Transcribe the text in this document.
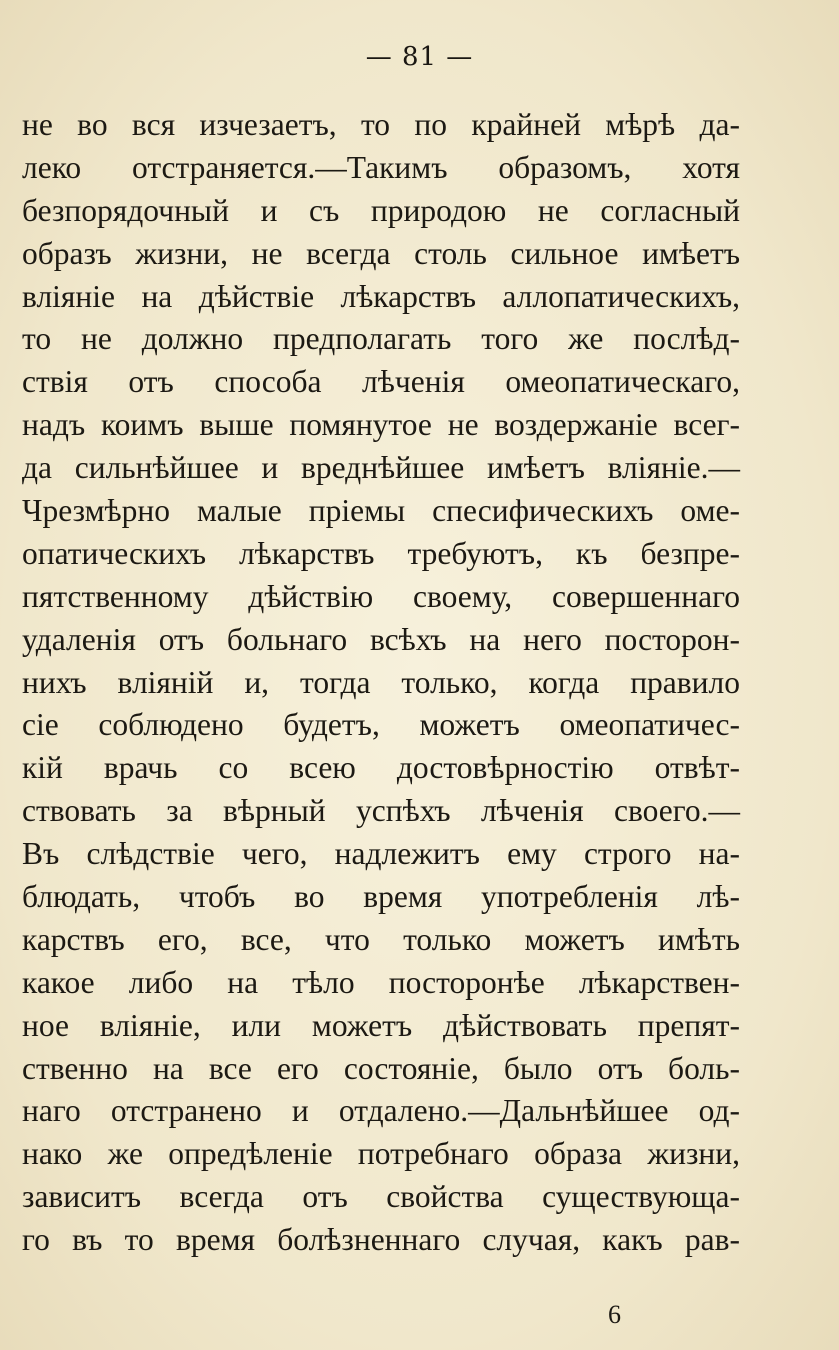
— 81 —
не во вся изчезаетъ, то по крайней мѣрѣ да-
леко отстраняется.—Такимъ образомъ, хотя
безпорядочный и съ природою не согласный
образъ жизни, не всегда столь сильное имѣетъ
вліяніе на дѣйствіе лѣкарствъ аллопатическихъ,
то не должно предполагать того же послѣд-
ствія отъ способа лѣченія омеопатическаго,
надъ коимъ выше помянутое не воздержаніе всег-
да сильнѣйшее и вреднѣйшее имѣетъ вліяніе.—
Чрезмѣрно малые пріемы спесифическихъ оме-
опатическихъ лѣкарствъ требуютъ, къ безпре-
пятственному дѣйствію своему, совершеннаго
удаленія отъ больнаго всѣхъ на него посторон-
нихъ вліяній и, тогда только, когда правило
сіе соблюдено будетъ, можетъ омеопатичес-
кій врачь со всею достовѣрностію отвѣт-
ствовать за вѣрный успѣхъ лѣченія своего.—
Въ слѣдствіе чего, надлежитъ ему строго на-
блюдать, чтобъ во время употребленія лѣ-
карствъ его, все, что только можетъ имѣть
какое либо на тѣло посторонѣе лѣкарствен-
ное вліяніе, или можетъ дѣйствовать препят-
ственно на все его состояніе, было отъ боль-
наго отстранено и отдалено.—Дальнѣйшее од-
нако же опредѣленіе потребнаго образа жизни,
зависитъ всегда отъ свойства существующа-
го въ то время болѣзненнаго случая, какъ рав-
6
